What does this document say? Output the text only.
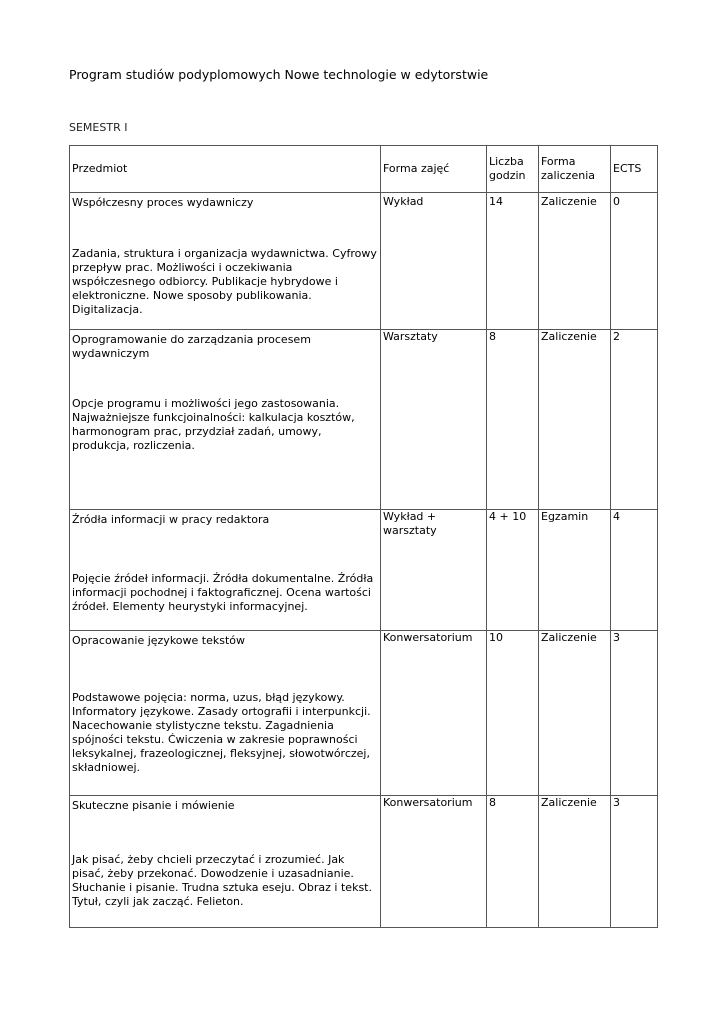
Program studiów podyplomowych Nowe technologie w edytorstwie
SEMESTR I
Przedmiot	Forma zajęć	Liczba godzin	Forma zaliczenia	ECTS

Współczesny proces wydawniczy
Zadania, struktura i organizacja wydawnictwa. Cyfrowy przepływ prac. Możliwości i oczekiwania współczesnego odbiorcy. Publikacje hybrydowe i elektroniczne. Nowe sposoby publikowania. Digitalizacja.	Wykład	14	Zaliczenie	0

Oprogramowanie do zarządzania procesem wydawniczym
Opcje programu i możliwości jego zastosowania. Najważniejsze funkcjoinalności: kalkulacja kosztów, harmonogram prac, przydział zadań, umowy, produkcja, rozliczenia.	Warsztaty	8	Zaliczenie	2

Źródła informacji w pracy redaktora
Pojęcie źródeł informacji. Źródła dokumentalne. Źródła informacji pochodnej i faktograficznej. Ocena wartości źródeł. Elementy heurystyki informacyjnej.	Wykład + warsztaty	4 + 10	Egzamin	4

Opracowanie językowe tekstów
Podstawowe pojęcia: norma, uzus, błąd językowy. Informatory językowe. Zasady ortografii i interpunkcji. Nacechowanie stylistyczne tekstu. Zagadnienia spójności tekstu. Ćwiczenia w zakresie poprawności leksykalnej, frazeologicznej, fleksyjnej, słowotwórczej, składniowej.	Konwersatorium	10	Zaliczenie	3

Skuteczne pisanie i mówienie
Jak pisać, żeby chcieli przeczytać i zrozumieć. Jak pisać, żeby przekonać. Dowodzenie i uzasadnianie. Słuchanie i pisanie. Trudna sztuka eseju. Obraz i tekst. Tytuł, czyli jak zacząć. Felieton.	Konwersatorium	8	Zaliczenie	3
